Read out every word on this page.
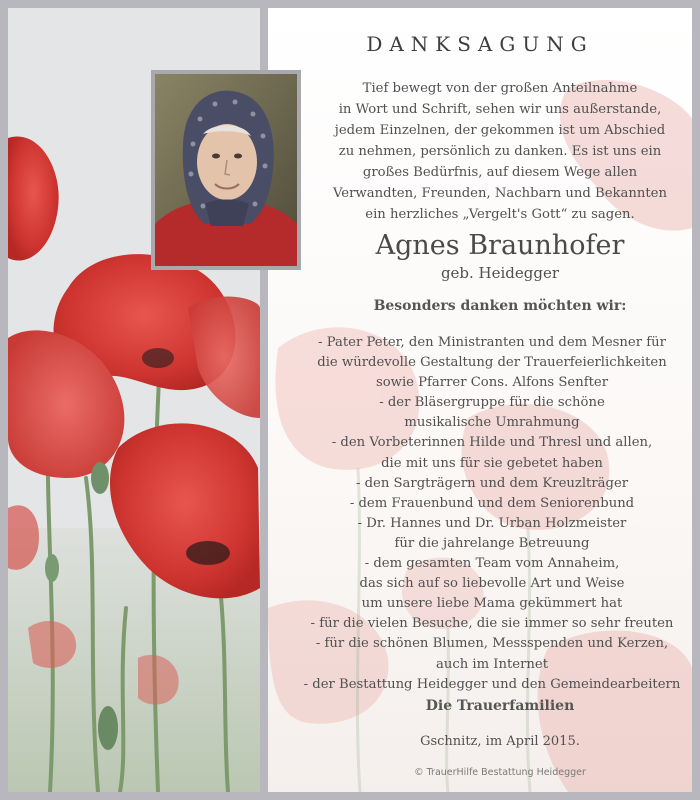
DANKSAGUNG
Tief bewegt von der großen Anteilnahme
in Wort und Schrift, sehen wir uns außerstande,
jedem Einzelnen, der gekommen ist um Abschied
zu nehmen, persönlich zu danken. Es ist uns ein
großes Bedürfnis, auf diesem Wege allen
Verwandten, Freunden, Nachbarn und Bekannten
ein herzliches „Vergelt's Gott“ zu sagen.
Agnes Braunhofer
geb. Heidegger
Besonders danken möchten wir:
- Pater Peter, den Ministranten und dem Mesner für
die würdevolle Gestaltung der Trauerfeierlichkeiten
sowie Pfarrer Cons. Alfons Senfter
- der Bläsergruppe für die schöne
musikalische Umrahmung
- den Vorbeterinnen Hilde und Thresl und allen,
die mit uns für sie gebetet haben
- den Sargträgern und dem Kreuzlträger
- dem Frauenbund und dem Seniorenbund
- Dr. Hannes und Dr. Urban Holzmeister
für die jahrelange Betreuung
- dem gesamten Team vom Annaheim,
das sich auf so liebevolle Art und Weise
um unsere liebe Mama gekümmert hat
- für die vielen Besuche, die sie immer so sehr freuten
- für die schönen Blumen, Messspenden und Kerzen,
auch im Internet
- der Bestattung Heidegger und den Gemeindearbeitern
Die Trauerfamilien
Gschnitz, im April 2015.
© TrauerHilfe Bestattung Heidegger
